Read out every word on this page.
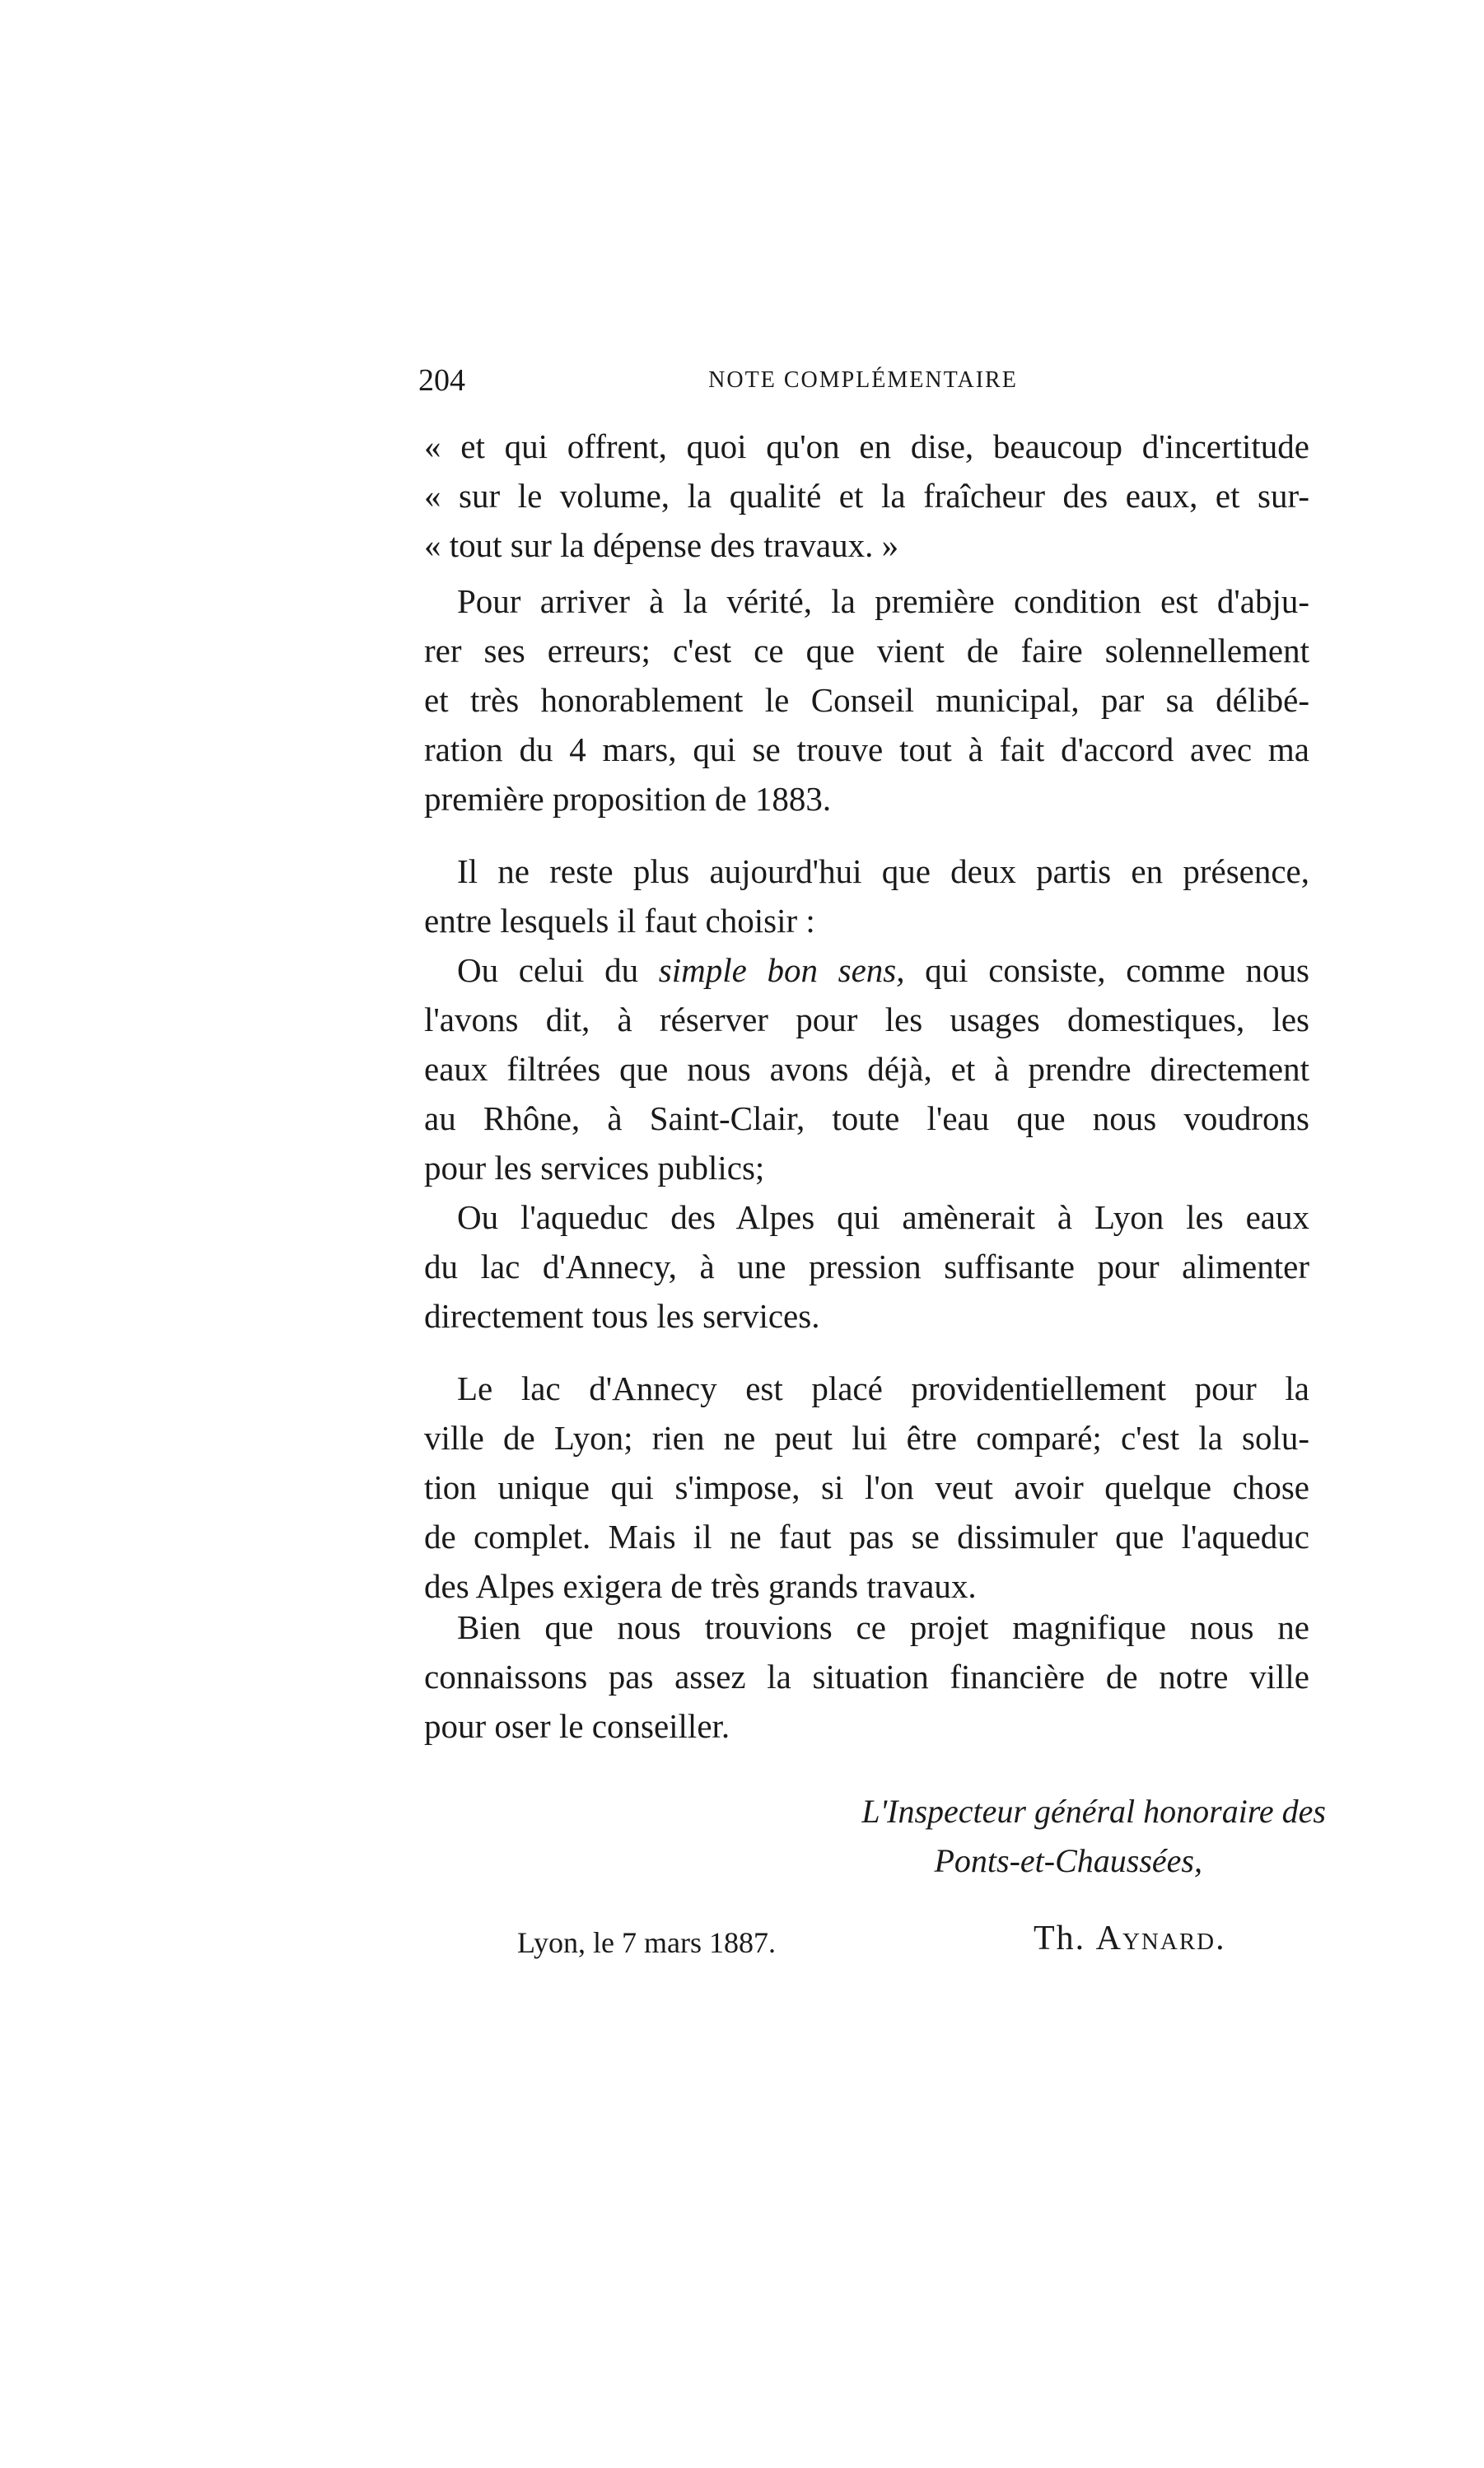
204	NOTE COMPLÉMENTAIRE
« et qui offrent, quoi qu'on en dise, beaucoup d'incertitude
« sur le volume, la qualité et la fraîcheur des eaux, et sur-
« tout sur la dépense des travaux. »
Pour arriver à la vérité, la première condition est d'abju-
rer ses erreurs; c'est ce que vient de faire solennellement
et très honorablement le Conseil municipal, par sa délibé-
ration du 4 mars, qui se trouve tout à fait d'accord avec ma
première proposition de 1883.
Il ne reste plus aujourd'hui que deux partis en présence,
entre lesquels il faut choisir :
Ou celui du simple bon sens, qui consiste, comme nous
l'avons dit, à réserver pour les usages domestiques, les
eaux filtrées que nous avons déjà, et à prendre directement
au Rhône, à Saint-Clair, toute l'eau que nous voudrons
pour les services publics;
Ou l'aqueduc des Alpes qui amènerait à Lyon les eaux
du lac d'Annecy, à une pression suffisante pour alimenter
directement tous les services.
Le lac d'Annecy est placé providentiellement pour la
ville de Lyon; rien ne peut lui être comparé; c'est la solu-
tion unique qui s'impose, si l'on veut avoir quelque chose
de complet. Mais il ne faut pas se dissimuler que l'aqueduc
des Alpes exigera de très grands travaux.
Bien que nous trouvions ce projet magnifique nous ne
connaissons pas assez la situation financière de notre ville
pour oser le conseiller.
L'Inspecteur général honoraire des
Ponts-et-Chaussées,
Lyon, le 7 mars 1887.	Th. Aynard.
